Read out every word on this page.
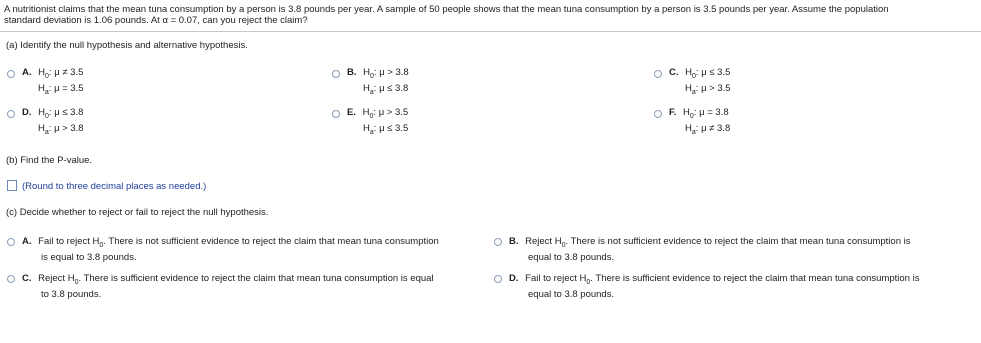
A nutritionist claims that the mean tuna consumption by a person is 3.8 pounds per year. A sample of 50 people shows that the mean tuna consumption by a person is 3.5 pounds per year. Assume the population
standard deviation is 1.06 pounds. At α = 0.07, can you reject the claim?
(a) Identify the null hypothesis and alternative hypothesis.
A. $H_0$: μ ≠ 3.5
$H_a$: μ = 3.5
B. $H_0$: μ > 3.8
$H_a$: μ ≤ 3.8
C. $H_0$: μ ≤ 3.5
$H_a$: μ > 3.5
D. $H_0$: μ ≤ 3.8
$H_a$: μ > 3.8
E. $H_0$: μ > 3.5
$H_a$: μ ≤ 3.5
F. $H_0$: μ = 3.8
$H_a$: μ ≠ 3.8
(b) Find the P-value.
(Round to three decimal places as needed.)
(c) Decide whether to reject or fail to reject the null hypothesis.
A. Fail to reject $H_0$. There is not sufficient evidence to reject the claim that mean tuna consumption
is equal to 3.8 pounds.
B. Reject $H_0$. There is not sufficient evidence to reject the claim that mean tuna consumption is
equal to 3.8 pounds.
C. Reject $H_0$. There is sufficient evidence to reject the claim that mean tuna consumption is equal
to 3.8 pounds.
D. Fail to reject $H_0$. There is sufficient evidence to reject the claim that mean tuna consumption is
equal to 3.8 pounds.
